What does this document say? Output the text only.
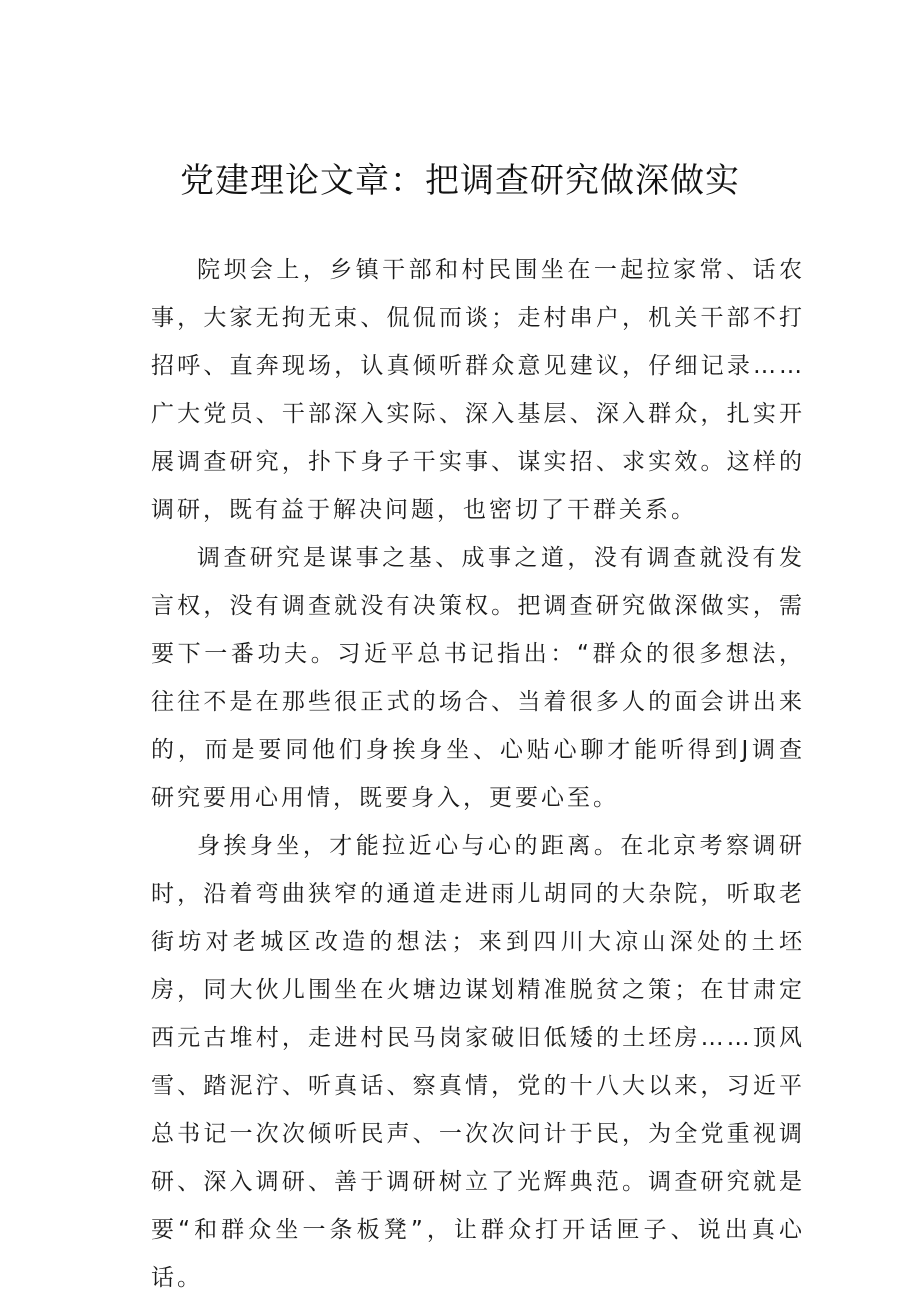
党建理论文章：把调查研究做深做实

院坝会上，乡镇干部和村民围坐在一起拉家常、话农事，大家无拘无束、侃侃而谈；走村串户，机关干部不打招呼、直奔现场，认真倾听群众意见建议，仔细记录……广大党员、干部深入实际、深入基层、深入群众，扎实开展调查研究，扑下身子干实事、谋实招、求实效。这样的调研，既有益于解决问题，也密切了干群关系。

调查研究是谋事之基、成事之道，没有调查就没有发言权，没有调查就没有决策权。把调查研究做深做实，需要下一番功夫。习近平总书记指出：“群众的很多想法，往往不是在那些很正式的场合、当着很多人的面会讲出来的，而是要同他们身挨身坐、心贴心聊才能听得到J调查研究要用心用情，既要身入，更要心至。

身挨身坐，才能拉近心与心的距离。在北京考察调研时，沿着弯曲狭窄的通道走进雨儿胡同的大杂院，听取老街坊对老城区改造的想法；来到四川大凉山深处的土坯房，同大伙儿围坐在火塘边谋划精准脱贫之策；在甘肃定西元古堆村，走进村民马岗家破旧低矮的土坯房……顶风雪、踏泥泞、听真话、察真情，党的十八大以来，习近平总书记一次次倾听民声、一次次问计于民，为全党重视调研、深入调研、善于调研树立了光辉典范。调查研究就是要“和群众坐一条板凳”，让群众打开话匣子、说出真心话。
